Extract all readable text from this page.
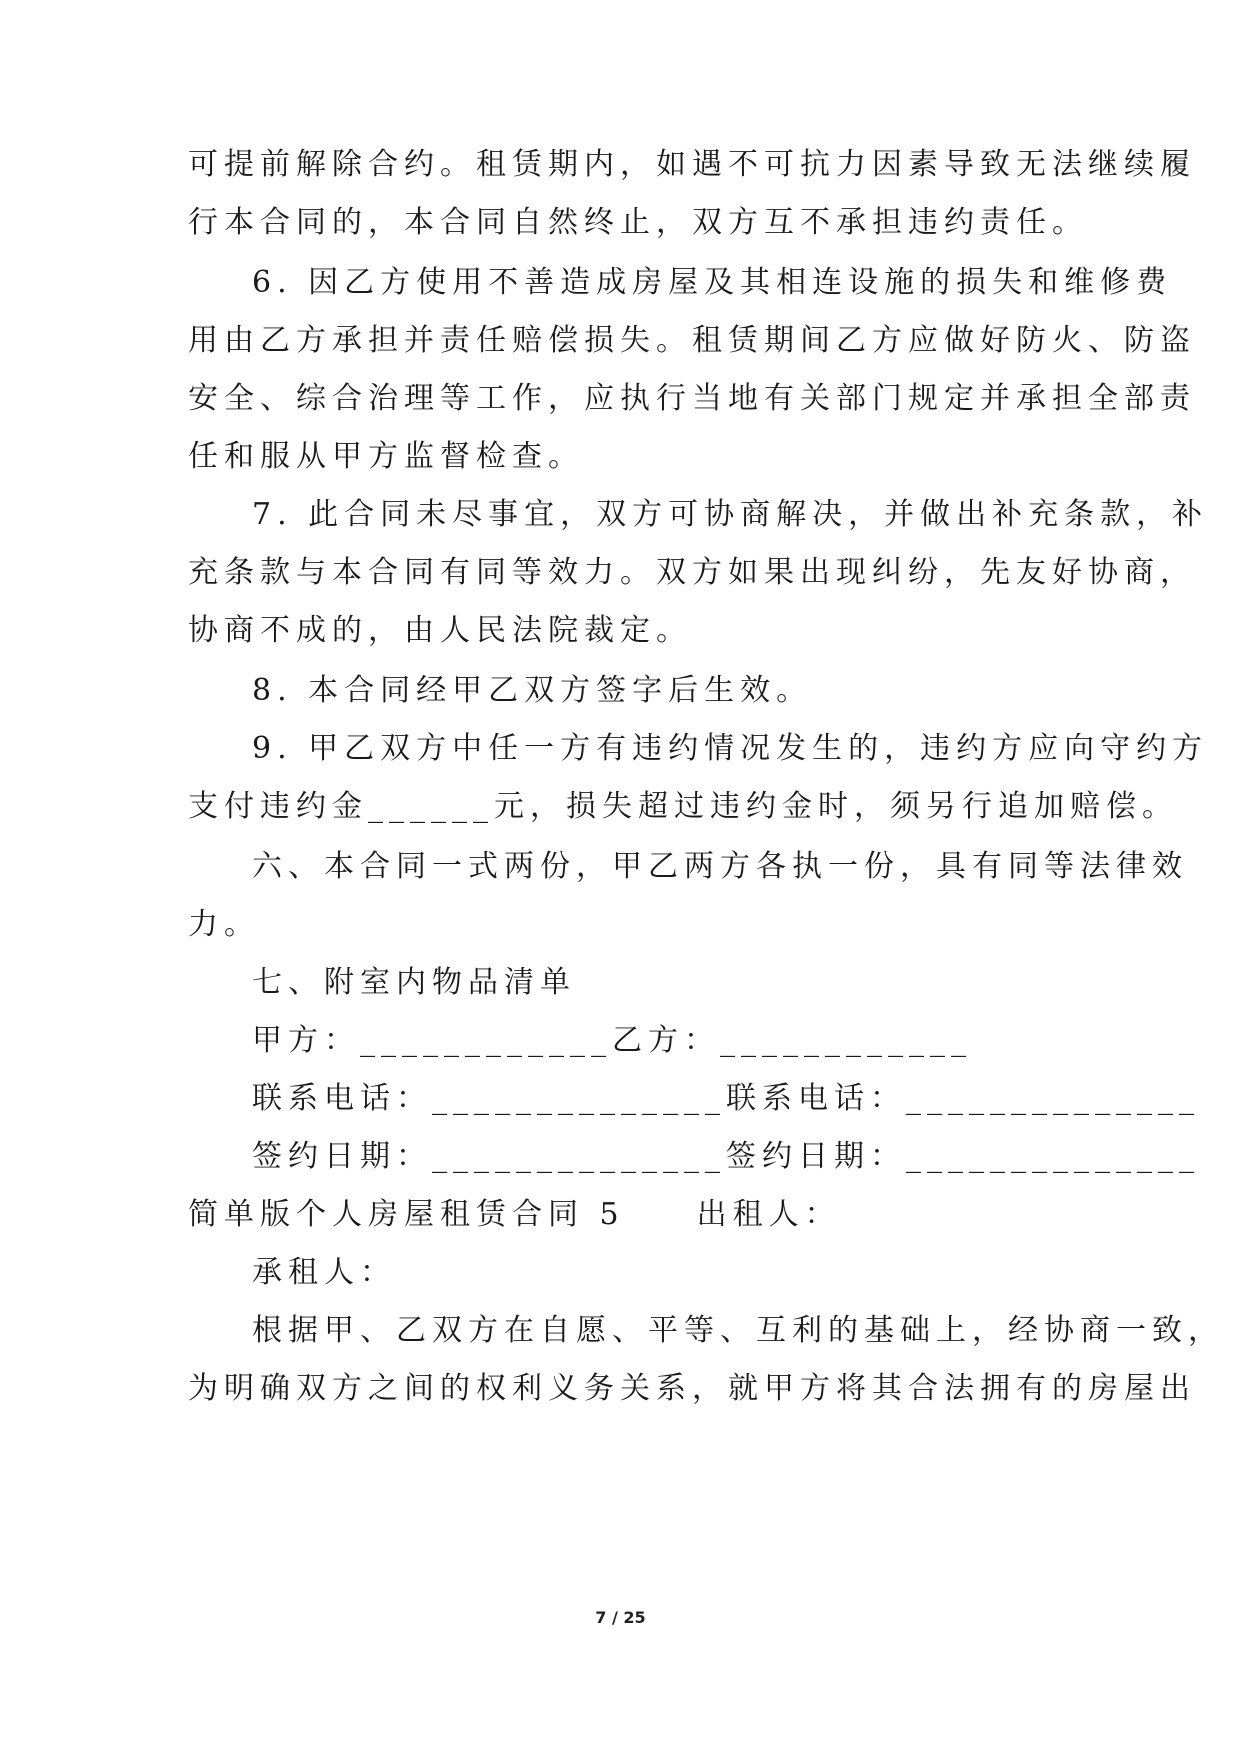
可提前解除合约。租赁期内，如遇不可抗力因素导致无法继续履
行本合同的，本合同自然终止，双方互不承担违约责任。
6. 因乙方使用不善造成房屋及其相连设施的损失和维修费
用由乙方承担并责任赔偿损失。租赁期间乙方应做好防火、防盗
安全、综合治理等工作，应执行当地有关部门规定并承担全部责
任和服从甲方监督检查。
7. 此合同未尽事宜，双方可协商解决，并做出补充条款，补
充条款与本合同有同等效力。双方如果出现纠纷，先友好协商，
协商不成的，由人民法院裁定。
8. 本合同经甲乙双方签字后生效。
9. 甲乙双方中任一方有违约情况发生的，违约方应向守约方
支付违约金______元，损失超过违约金时，须另行追加赔偿。
六、本合同一式两份，甲乙两方各执一份，具有同等法律效
力。
七、附室内物品清单
甲方：____________乙方：____________
联系电话：______________联系电话：______________
签约日期：______________签约日期：______________
简单版个人房屋租赁合同 5　　出租人：
承租人：
根据甲、乙双方在自愿、平等、互利的基础上，经协商一致，
为明确双方之间的权利义务关系，就甲方将其合法拥有的房屋出
7 / 25
